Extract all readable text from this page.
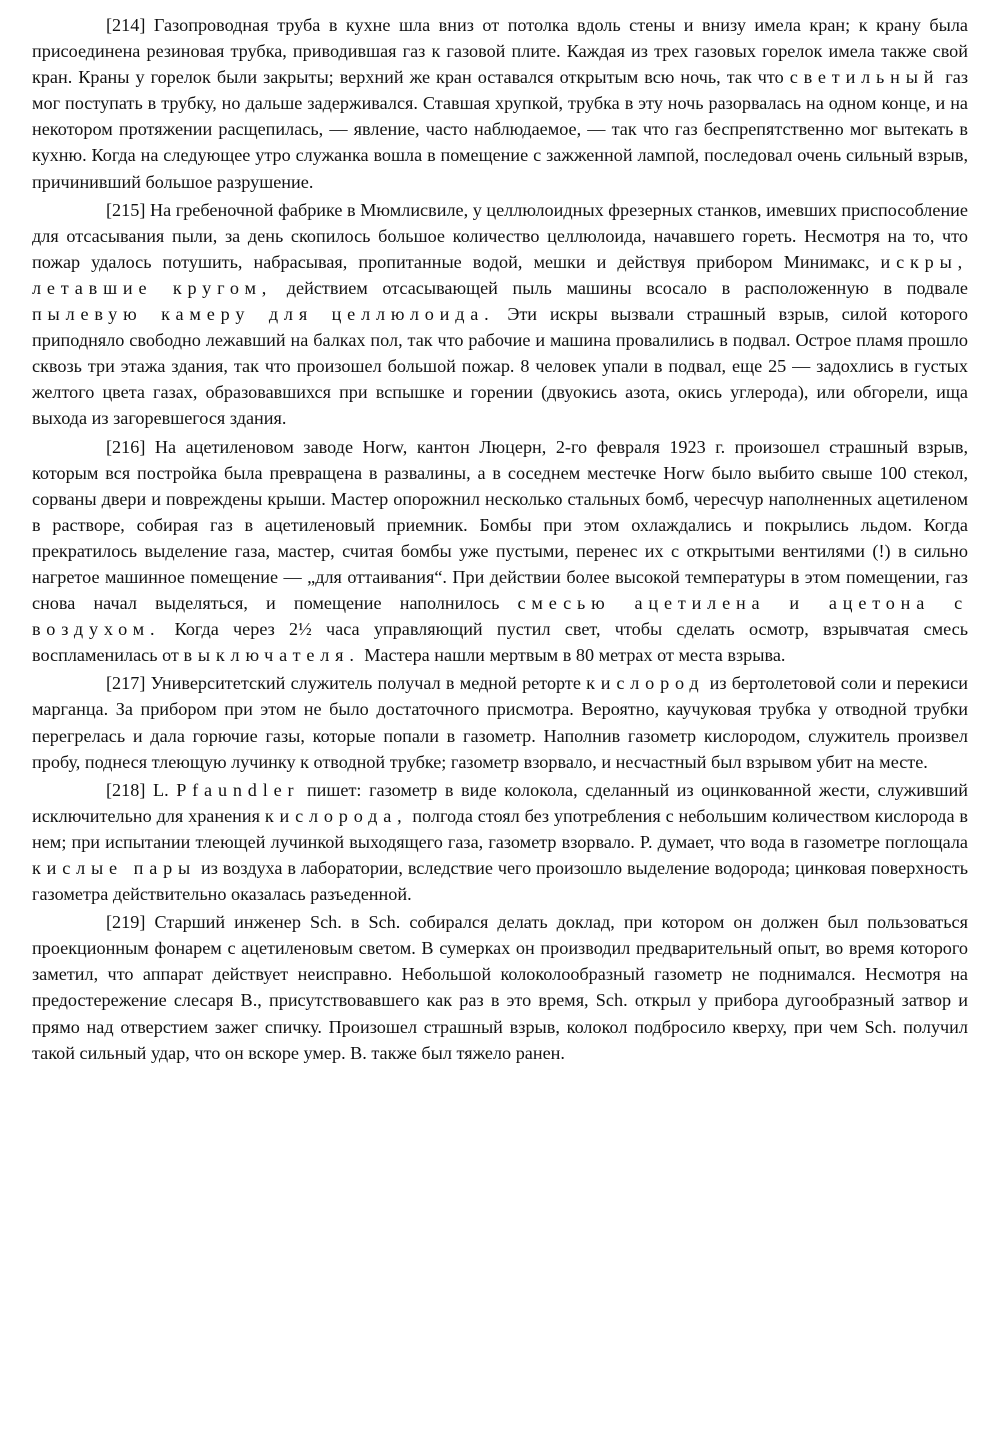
[214] Газопроводная труба в кухне шла вниз от потолка вдоль стены и внизу имела кран; к крану была присоединена резиновая трубка, приводившая газ к газовой плите. Каждая из трех газовых горелок имела также свой кран. Краны у горелок были закрыты; верхний же кран оставался открытым всю ночь, так что светильный газ мог поступать в трубку, но дальше задерживался. Ставшая хрупкой, трубка в эту ночь разорвалась на одном конце, и на некотором протяжении расщепилась, — явление, часто наблюдаемое, — так что газ беспрепятственно мог вытекать в кухню. Когда на следующее утро служанка вошла в помещение с зажженной лампой, последовал очень сильный взрыв, причинивший большое разрушение.

[215] На гребеночной фабрике в Мюмлисвиле, у целлюлоидных фрезерных станков, имевших приспособление для отсасывания пыли, за день скопилось большое количество целлюлоида, начавшего гореть. Несмотря на то, что пожар удалось потушить, набрасывая, пропитанные водой, мешки и действуя прибором Минимакс, искры, летавшие кругом, действием отсасывающей пыль машины всосало в расположенную в подвале пылевую камеру для целлюлоида. Эти искры вызвали страшный взрыв, силой которого приподняло свободно лежавший на балках пол, так что рабочие и машина провалились в подвал. Острое пламя прошло сквозь три этажа здания, так что произошел большой пожар. 8 человек упали в подвал, еще 25 — задохлись в густых желтого цвета газах, образовавшихся при вспышке и горении (двуокись азота, окись углерода), или обгорели, ища выхода из загоревшегося здания.

[216] На ацетиленовом заводе Horw, кантон Люцерн, 2-го февраля 1923 г. произошел страшный взрыв, которым вся постройка была превращена в развалины, а в соседнем местечке Horw было выбито свыше 100 стекол, сорваны двери и повреждены крыши. Мастер опорожнил несколько стальных бомб, чересчур наполненных ацетиленом в растворе, собирая газ в ацетиленовый приемник. Бомбы при этом охлаждались и покрылись льдом. Когда прекратилось выделение газа, мастер, считая бомбы уже пустыми, перенес их с открытыми вентилями (!) в сильно нагретое машинное помещение — „для оттаивания“. При действии более высокой температуры в этом помещении, газ снова начал выделяться, и помещение наполнилось смесью ацетилена и ацетона с воздухом. Когда через 2½ часа управляющий пустил свет, чтобы сделать осмотр, взрывчатая смесь воспламенилась от выключателя. Мастера нашли мертвым в 80 метрах от места взрыва.

[217] Университетский служитель получал в медной реторте кислород из бертолетовой соли и перекиси марганца. За прибором при этом не было достаточного присмотра. Вероятно, каучуковая трубка у отводной трубки перегрелась и дала горючие газы, которые попали в газометр. Наполнив газометр кислородом, служитель произвел пробу, поднеся тлеющую лучинку к отводной трубке; газометр взорвало, и несчастный был взрывом убит на месте.

[218] L. Pfaundler пишет: газометр в виде колокола, сделанный из оцинкованной жести, служивший исключительно для хранения кислорода, полгода стоял без употребления с небольшим количеством кислорода в нем; при испытании тлеющей лучинкой выходящего газа, газометр взорвало. P. думает, что вода в газометре поглощала кислые пары из воздуха в лаборатории, вследствие чего произошло выделение водорода; цинковая поверхность газометра действительно оказалась разъеденной.

[219] Старший инженер Sch. в Sch. собирался делать доклад, при котором он должен был пользоваться проекционным фонарем с ацетиленовым светом. В сумерках он производил предварительный опыт, во время которого заметил, что аппарат действует неисправно. Небольшой колоколообразный газометр не поднимался. Несмотря на предостережение слесаря B., присутствовавшего как раз в это время, Sch. открыл у прибора дугообразный затвор и прямо над отверстием зажег спичку. Произошел страшный взрыв, колокол подбросило кверху, при чем Sch. получил такой сильный удар, что он вскоре умер. B. также был тяжело ранен.
